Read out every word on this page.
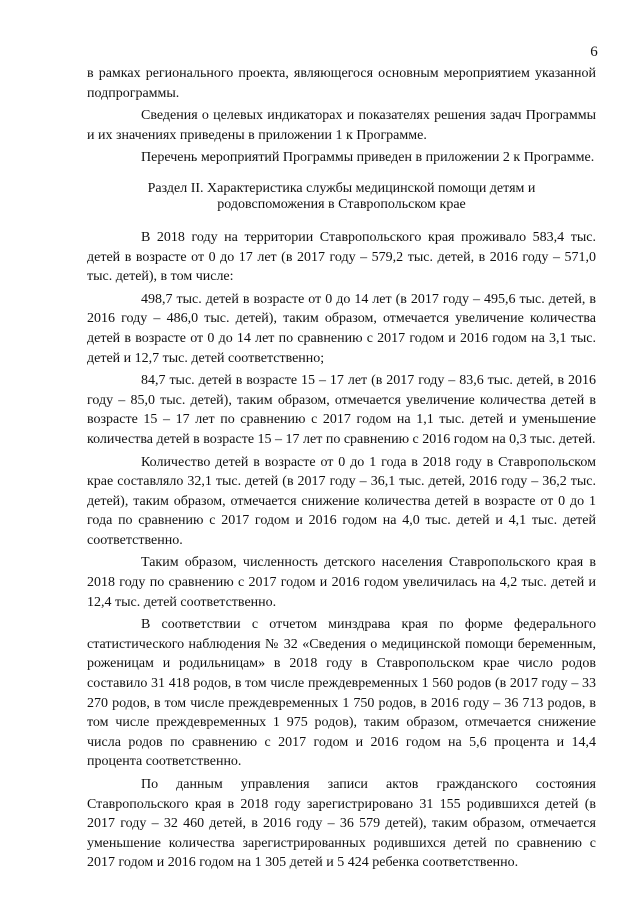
6

в рамках регионального проекта, являющегося основным мероприятием указанной подпрограммы.

Сведения о целевых индикаторах и показателях решения задач Программы и их значениях приведены в приложении 1 к Программе.

Перечень мероприятий Программы приведен в приложении 2 к Программе.

Раздел II. Характеристика службы медицинской помощи детям и родовспоможения в Ставропольском крае

В 2018 году на территории Ставропольского края проживало 583,4 тыс. детей в возрасте от 0 до 17 лет (в 2017 году – 579,2 тыс. детей, в 2016 году – 571,0 тыс. детей), в том числе:

498,7 тыс. детей в возрасте от 0 до 14 лет (в 2017 году – 495,6 тыс. детей, в 2016 году – 486,0 тыс. детей), таким образом, отмечается увеличение количества детей в возрасте от 0 до 14 лет по сравнению с 2017 годом и 2016 годом на 3,1 тыс. детей и 12,7 тыс. детей соответственно;

84,7 тыс. детей в возрасте 15 – 17 лет (в 2017 году – 83,6 тыс. детей, в 2016 году – 85,0 тыс. детей), таким образом, отмечается увеличение количества детей в возрасте 15 – 17 лет по сравнению с 2017 годом на 1,1 тыс. детей и уменьшение количества детей в возрасте 15 – 17 лет по сравнению с 2016 годом на 0,3 тыс. детей.

Количество детей в возрасте от 0 до 1 года в 2018 году в Ставропольском крае составляло 32,1 тыс. детей (в 2017 году – 36,1 тыс. детей, 2016 году – 36,2 тыс. детей), таким образом, отмечается снижение количества детей в возрасте от 0 до 1 года по сравнению с 2017 годом и 2016 годом на 4,0 тыс. детей и 4,1 тыс. детей соответственно.

Таким образом, численность детского населения Ставропольского края в 2018 году по сравнению с 2017 годом и 2016 годом увеличилась на 4,2 тыс. детей и 12,4 тыс. детей соответственно.

В соответствии с отчетом минздрава края по форме федерального статистического наблюдения № 32 «Сведения о медицинской помощи беременным, роженицам и родильницам» в 2018 году в Ставропольском крае число родов составило 31 418 родов, в том числе преждевременных 1 560 родов (в 2017 году – 33 270 родов, в том числе преждевременных 1 750 родов, в 2016 году – 36 713 родов, в том числе преждевременных 1 975 родов), таким образом, отмечается снижение числа родов по сравнению с 2017 годом и 2016 годом на 5,6 процента и 14,4 процента соответственно.

По данным управления записи актов гражданского состояния Ставропольского края в 2018 году зарегистрировано 31 155 родившихся детей (в 2017 году – 32 460 детей, в 2016 году – 36 579 детей), таким образом, отмечается уменьшение количества зарегистрированных родившихся детей по сравнению с 2017 годом и 2016 годом на 1 305 детей и 5 424 ребенка соответственно.
